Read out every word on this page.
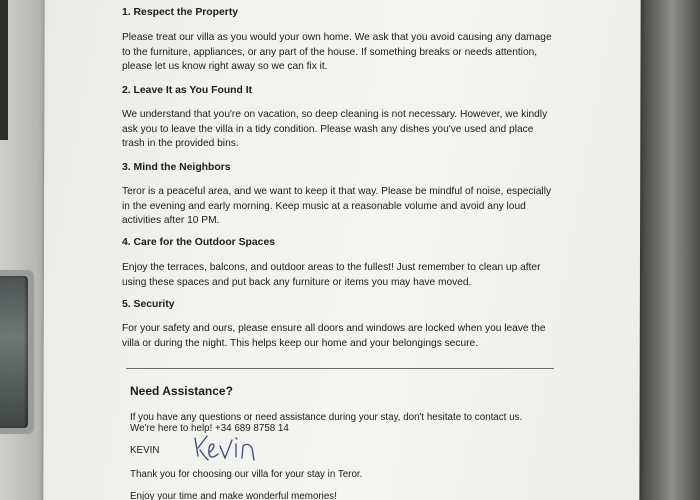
1. Respect the Property
Please treat our villa as you would your own home. We ask that you avoid causing any damage
to the furniture, appliances, or any part of the house. If something breaks or needs attention,
please let us know right away so we can fix it.
2. Leave It as You Found It
We understand that you're on vacation, so deep cleaning is not necessary. However, we kindly
ask you to leave the villa in a tidy condition. Please wash any dishes you've used and place
trash in the provided bins.
3. Mind the Neighbors
Teror is a peaceful area, and we want to keep it that way. Please be mindful of noise, especially
in the evening and early morning. Keep music at a reasonable volume and avoid any loud
activities after 10 PM.
4. Care for the Outdoor Spaces
Enjoy the terraces, balcons, and outdoor areas to the fullest! Just remember to clean up after
using these spaces and put back any furniture or items you may have moved.
5. Security
For your safety and ours, please ensure all doors and windows are locked when you leave the
villa or during the night. This helps keep our home and your belongings secure.
Need Assistance?
If you have any questions or need assistance during your stay, don't hesitate to contact us.
We're here to help! +34 689 8758 14
KEVIN
Thank you for choosing our villa for your stay in Teror.
Enjoy your time and make wonderful memories!
